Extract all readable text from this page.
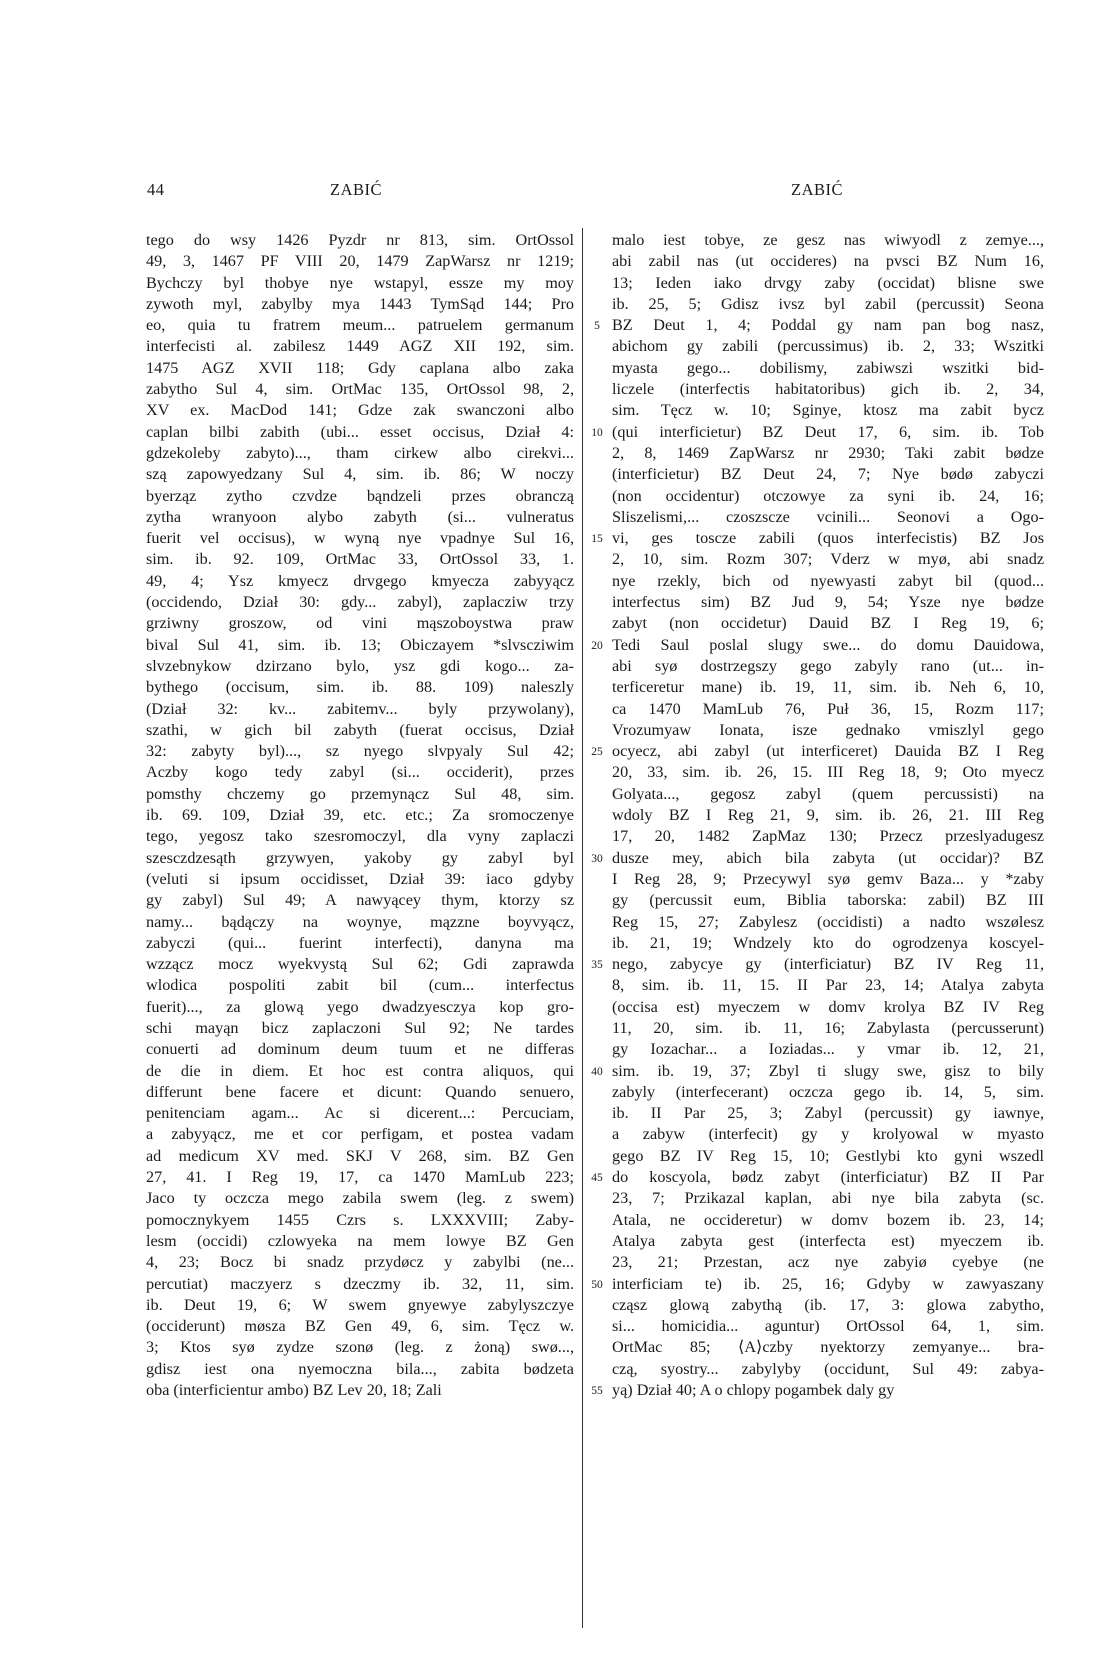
44	ZABIĆ	ZABIĆ
tego do wsy 1426 Pyzdr nr 813, sim. OrtOssol
49, 3, 1467 PF VIII 20, 1479 ZapWarsz nr 1219;
Bychczy byl thobye nye wstapyl, essze my moy
zywoth myl, zabylby mya 1443 TymSąd 144; Pro
eo, quia tu fratrem meum... patruelem germanum
interfecisti al. zabilesz 1449 AGZ XII 192, sim.
1475 AGZ XVII 118; Gdy caplana albo zaka
zabytho Sul 4, sim. OrtMac 135, OrtOssol 98, 2,
XV ex. MacDod 141; Gdze zak swanczoni albo
caplan bilbi zabith (ubi... esset occisus, Dział 4:
gdzekoleby zabyto)..., tham cirkew albo cirekvi...
szą zapowyedzany Sul 4, sim. ib. 86; W noczy
byerząz zytho czvdze bąndzeli przes obranczą
zytha wranyoon alybo zabyth (si... vulneratus
fuerit vel occisus), w wyną nye vpadnye Sul 16,
sim. ib. 92. 109, OrtMac 33, OrtOssol 33, 1.
49, 4; Ysz kmyecz drvgego kmyecza zabyyącz
(occidendo, Dział 30: gdy... zabyl), zaplacziw trzy
grziwny groszow, od vini mąszoboystwa praw
bival Sul 41, sim. ib. 13; Obiczayem *slvscziwim
slvzebnykow dzirzano bylo, ysz gdi kogo... za-
bythego (occisum, sim. ib. 88. 109) naleszly
(Dział 32: kv... zabitemv... byly przywolany),
szathi, w gich bil zabyth (fuerat occisus, Dział
32: zabyty byl)..., sz nyego slvpyaly Sul 42;
Aczby kogo tedy zabyl (si... occiderit), przes
pomsthy chczemy go przemynącz Sul 48, sim.
ib. 69. 109, Dział 39, etc. etc.; Za sromoczenye
tego, yegosz tako szesromoczyl, dla vyny zaplaczi
szesczdzesąth grzywyen, yakoby gy zabyl byl
(veluti si ipsum occidisset, Dział 39: iaco gdyby
gy zabyl) Sul 49; A nawyącey thym, ktorzy sz
namy... bądączy na woynye, mązzne boyvyącz,
zabyczi (qui... fuerint interfecti), danyna ma
wzzącz mocz wyekvystą Sul 62; Gdi zaprawda
wlodica pospoliti zabit bil (cum... interfectus
fuerit)..., za glową yego dwadzyesczya kop gro-
schi mayąn bicz zaplaczoni Sul 92; Ne tardes
conuerti ad dominum deum tuum et ne differas
de die in diem. Et hoc est contra aliquos, qui
differunt bene facere et dicunt: Quando senuero,
penitenciam agam... Ac si dicerent...: Percuciam,
a zabyyącz, me et cor perfigam, et postea vadam
ad medicum XV med. SKJ V 268, sim. BZ Gen
27, 41. I Reg 19, 17, ca 1470 MamLub 223;
Jaco ty oczcza mego zabila swem (leg. z swem)
pomocznykyem 1455 Czrs s. LXXXVIII; Zaby-
lesm (occidi) czlowyeka na mem lowye BZ Gen
4, 23; Bocz bi snadz przydøcz y zabylbi (ne...
percutiat) maczyerz s dzeczmy ib. 32, 11, sim.
ib. Deut 19, 6; W swem gnyewye zabylyszczye
(occiderunt) møsza BZ Gen 49, 6, sim. Tęcz w.
3; Ktos syø zydze szonø (leg. z żoną) swø...,
gdisz iest ona nyemoczna bila..., zabita bødzeta
oba (interficientur ambo) BZ Lev 20, 18; Zali
5
10
15
20
25
30
35
40
45
50
55
malo iest tobye, ze gesz nas wiwyodl z zemye...,
abi zabil nas (ut occideres) na pvsci BZ Num 16,
13; Ieden iako drvgy zaby (occidat) blisne swe
ib. 25, 5; Gdisz ivsz byl zabil (percussit) Seona
BZ Deut 1, 4; Poddal gy nam pan bog nasz,
abichom gy zabili (percussimus) ib. 2, 33; Wszitki
myasta gego... dobilismy, zabiwszi wszitki bid-
liczele (interfectis habitatoribus) gich ib. 2, 34,
sim. Tęcz w. 10; Sginye, ktosz ma zabit bycz
(qui interficietur) BZ Deut 17, 6, sim. ib. Tob
2, 8, 1469 ZapWarsz nr 2930; Taki zabit bødze
(interficietur) BZ Deut 24, 7; Nye bødø zabyczi
(non occidentur) otczowye za syni ib. 24, 16;
Sliszelismi,... czoszscze vcinili... Seonovi a Ogo-
vi, ges tosczе zabili (quos interfecistis) BZ Jos
2, 10, sim. Rozm 307; Vderz w myø, abi snadz
nye rzekly, bich od nyewyasti zabyt bil (quod...
interfectus sim) BZ Jud 9, 54; Ysze nye bødze
zabyt (non occidetur) Dauid BZ I Reg 19, 6;
Tedi Saul poslal slugy swe... do domu Dauidowa,
abi syø dostrzegszy gego zabyly rano (ut... in-
terficeretur mane) ib. 19, 11, sim. ib. Neh 6, 10,
ca 1470 MamLub 76, Puł 36, 15, Rozm 117;
Vrozumyaw Ionata, isze gednako vmiszlyl gego
ocyecz, abi zabyl (ut interficeret) Dauida BZ I Reg
20, 33, sim. ib. 26, 15. III Reg 18, 9; Oto myecz
Golyata..., gegosz zabyl (quem percussisti) na
wdoly BZ I Reg 21, 9, sim. ib. 26, 21. III Reg
17, 20, 1482 ZapMaz 130; Przecz przeslyadugesz
dusze mey, abich bila zabyta (ut occidar)? BZ
I Reg 28, 9; Przecywyl syø gemv Baza... y *zaby
gy (percussit eum, Biblia taborska: zabil) BZ III
Reg 15, 27; Zabylesz (occidisti) a nadto wszølesz
ib. 21, 19; Wndzely kto do ogrodzenya koscyel-
nego, zabycye gy (interficiatur) BZ IV Reg 11,
8, sim. ib. 11, 15. II Par 23, 14; Atalya zabyta
(occisa est) myeczem w domv krolya BZ IV Reg
11, 20, sim. ib. 11, 16; Zabylasta (percusserunt)
gy Iozachar... a Ioziadas... y vmar ib. 12, 21,
sim. ib. 19, 37; Zbyl ti slugy swe, gisz to bily
zabyly (interfecerant) oczcza gego ib. 14, 5, sim.
ib. II Par 25, 3; Zabyl (percussit) gy iawnye,
a zabyw (interfecit) gy y krolyowal w myasto
gego BZ IV Reg 15, 10; Gestlybi kto gyni wszedl
do koscyola, bødz zabyt (interficiatur) BZ II Par
23, 7; Przikazal kaplan, abi nye bila zabyta (sc.
Atala, ne occideretur) w domv bozem ib. 23, 14;
Atalya zabyta gest (interfecta est) myeczem ib.
23, 21; Przestan, acz nye zabyiø cyebye (ne
interficiam te) ib. 25, 16; Gdyby w zawyaszany
cząsz glową zabythą (ib. 17, 3: glowa zabytho,
si... homicidia... aguntur) OrtOssol 64, 1, sim.
OrtMac 85; ⟨A⟩czby nyektorzy zemyanye... bra-
czą, syostry... zabylyby (occidunt, Sul 49: zabya-
yą) Dział 40; A o chlopy pogambek daly gy
